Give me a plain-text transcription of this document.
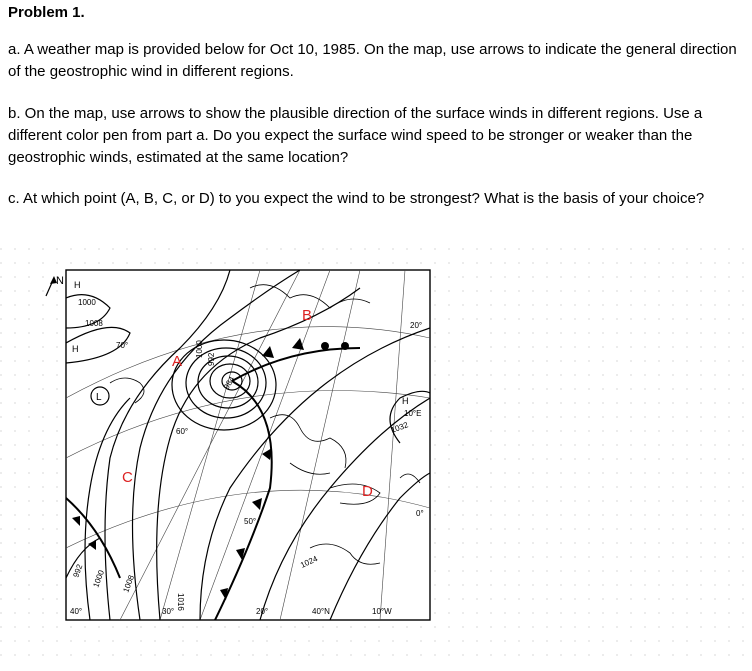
Problem 1.
a. A weather map is provided below for Oct 10, 1985. On the map, use arrows to indicate the general direction of the geostrophic wind in different regions.
b. On the map, use arrows to show the plausible direction of the surface winds in different regions. Use a different color pen from part a. Do you expect the surface wind speed to be stronger or weaker than the geostrophic winds, estimated at the same location?
c. At which point (A, B, C, or D) to you expect the wind to be strongest? What is the basis of your choice?
N
1000
1008
1000
992
984
1032
1024
992 1000 1008
1016
H
H
L	H
70°
60°
50°
40°N
40°	30°	20°	10°W
0°
10°E
20°
A
B
C
D
